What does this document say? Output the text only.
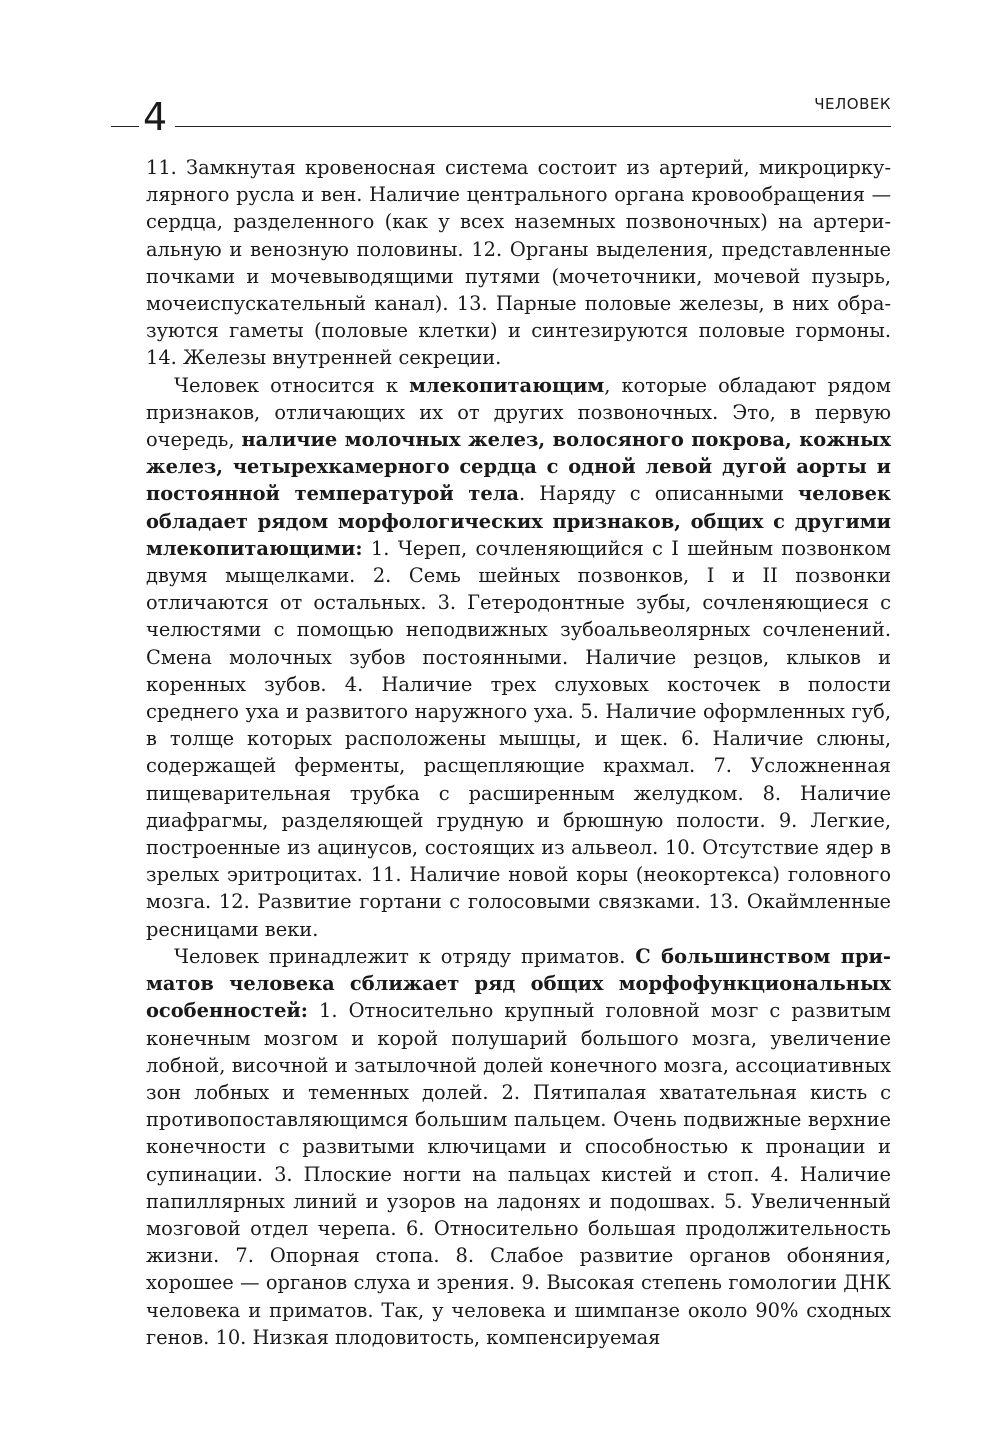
4	ЧЕЛОВЕК

11. Замкнутая кровеносная система состоит из артерий, микроциркулярного русла и вен. Наличие центрального органа кровообращения — сердца, разделенного (как у всех наземных позвоночных) на артериальную и венозную половины. 12. Органы выделения, представленные почками и мочевыводящими путями (мочеточники, мочевой пузырь, мочеиспускательный канал). 13. Парные половые железы, в них образуются гаметы (половые клетки) и синтезируются половые гормоны. 14. Железы внутренней секреции.

Человек относится к млекопитающим, которые обладают рядом признаков, отличающих их от других позвоночных. Это, в первую очередь, наличие молочных желез, волосяного покрова, кожных желез, четырехкамерного сердца с одной левой дугой аорты и постоянной температурой тела. Наряду с описанными человек обладает рядом морфологических признаков, общих с другими млекопитающими: 1. Череп, сочленяющийся с I шейным позвонком двумя мыщелками. 2. Семь шейных позвонков, I и II позвонки отличаются от остальных. 3. Гетеродонтные зубы, сочленяющиеся с челюстями с помощью неподвижных зубоальвеолярных сочленений. Смена молочных зубов постоянными. Наличие резцов, клыков и коренных зубов. 4. Наличие трех слуховых косточек в полости среднего уха и развитого наружного уха. 5. Наличие оформленных губ, в толще которых расположены мышцы, и щек. 6. Наличие слюны, содержащей ферменты, расщепляющие крахмал. 7. Усложненная пищеварительная трубка с расширенным желудком. 8. Наличие диафрагмы, разделяющей грудную и брюшную полости. 9. Легкие, построенные из ацинусов, состоящих из альвеол. 10. Отсутствие ядер в зрелых эритроцитах. 11. Наличие новой коры (неокортекса) головного мозга. 12. Развитие гортани с голосовыми связками. 13. Окаймленные ресницами веки.

Человек принадлежит к отряду приматов. С большинством приматов человека сближает ряд общих морфофункциональных особенностей: 1. Относительно крупный головной мозг с развитым конечным мозгом и корой полушарий большого мозга, увеличение лобной, височной и затылочной долей конечного мозга, ассоциативных зон лобных и теменных долей. 2. Пятипалая хватательная кисть с противопоставляющимся большим пальцем. Очень подвижные верхние конечности с развитыми ключицами и способностью к пронации и супинации. 3. Плоские ногти на пальцах кистей и стоп. 4. Наличие папиллярных линий и узоров на ладонях и подошвах. 5. Увеличенный мозговой отдел черепа. 6. Относительно большая продолжительность жизни. 7. Опорная стопа. 8. Слабое развитие органов обоняния, хорошее — органов слуха и зрения. 9. Высокая степень гомологии ДНК человека и приматов. Так, у человека и шимпанзе около 90% сходных генов. 10. Низкая плодовитость, компенсируемая
